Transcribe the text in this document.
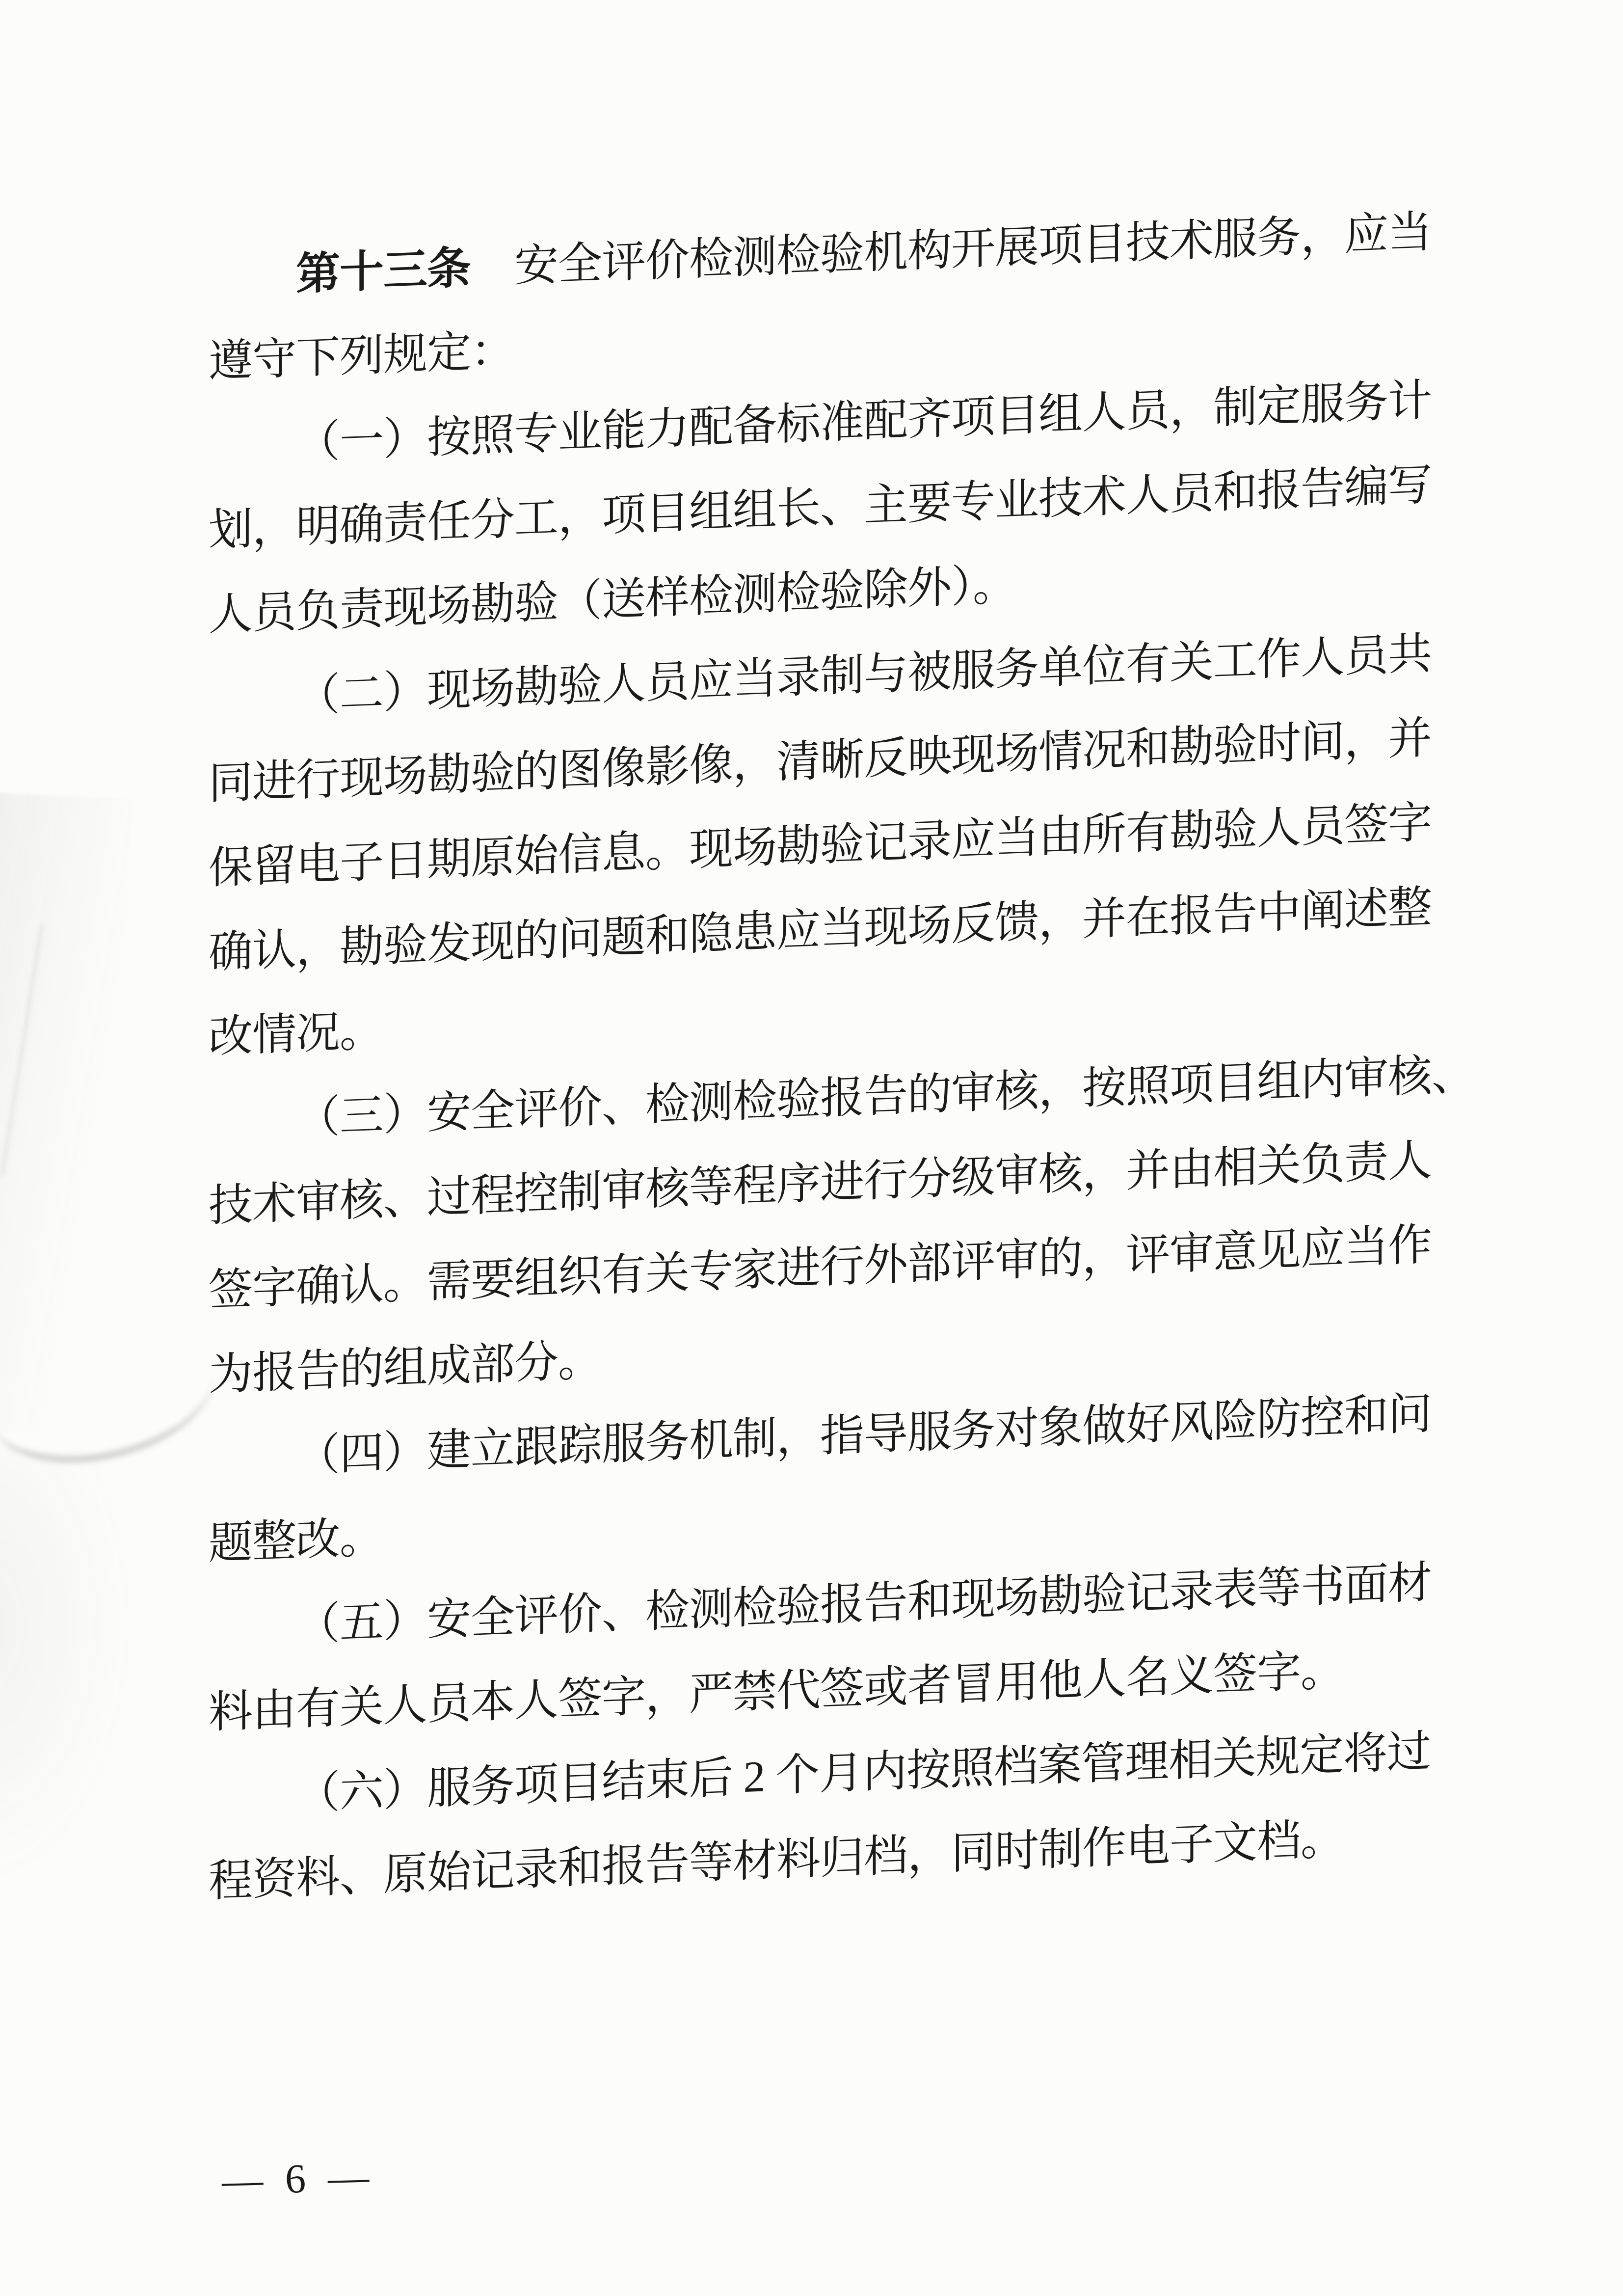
第十三条　安全评价检测检验机构开展项目技术服务，应当
遵守下列规定：
（一）按照专业能力配备标准配齐项目组人员，制定服务计
划，明确责任分工，项目组组长、主要专业技术人员和报告编写
人员负责现场勘验（送样检测检验除外）。
（二）现场勘验人员应当录制与被服务单位有关工作人员共
同进行现场勘验的图像影像，清晰反映现场情况和勘验时间，并
保留电子日期原始信息。现场勘验记录应当由所有勘验人员签字
确认，勘验发现的问题和隐患应当现场反馈，并在报告中阐述整
改情况。
（三）安全评价、检测检验报告的审核，按照项目组内审核、
技术审核、过程控制审核等程序进行分级审核，并由相关负责人
签字确认。需要组织有关专家进行外部评审的，评审意见应当作
为报告的组成部分。
（四）建立跟踪服务机制，指导服务对象做好风险防控和问
题整改。
（五）安全评价、检测检验报告和现场勘验记录表等书面材
料由有关人员本人签字，严禁代签或者冒用他人名义签字。
（六）服务项目结束后 2 个月内按照档案管理相关规定将过
程资料、原始记录和报告等材料归档，同时制作电子文档。
— 6 —
